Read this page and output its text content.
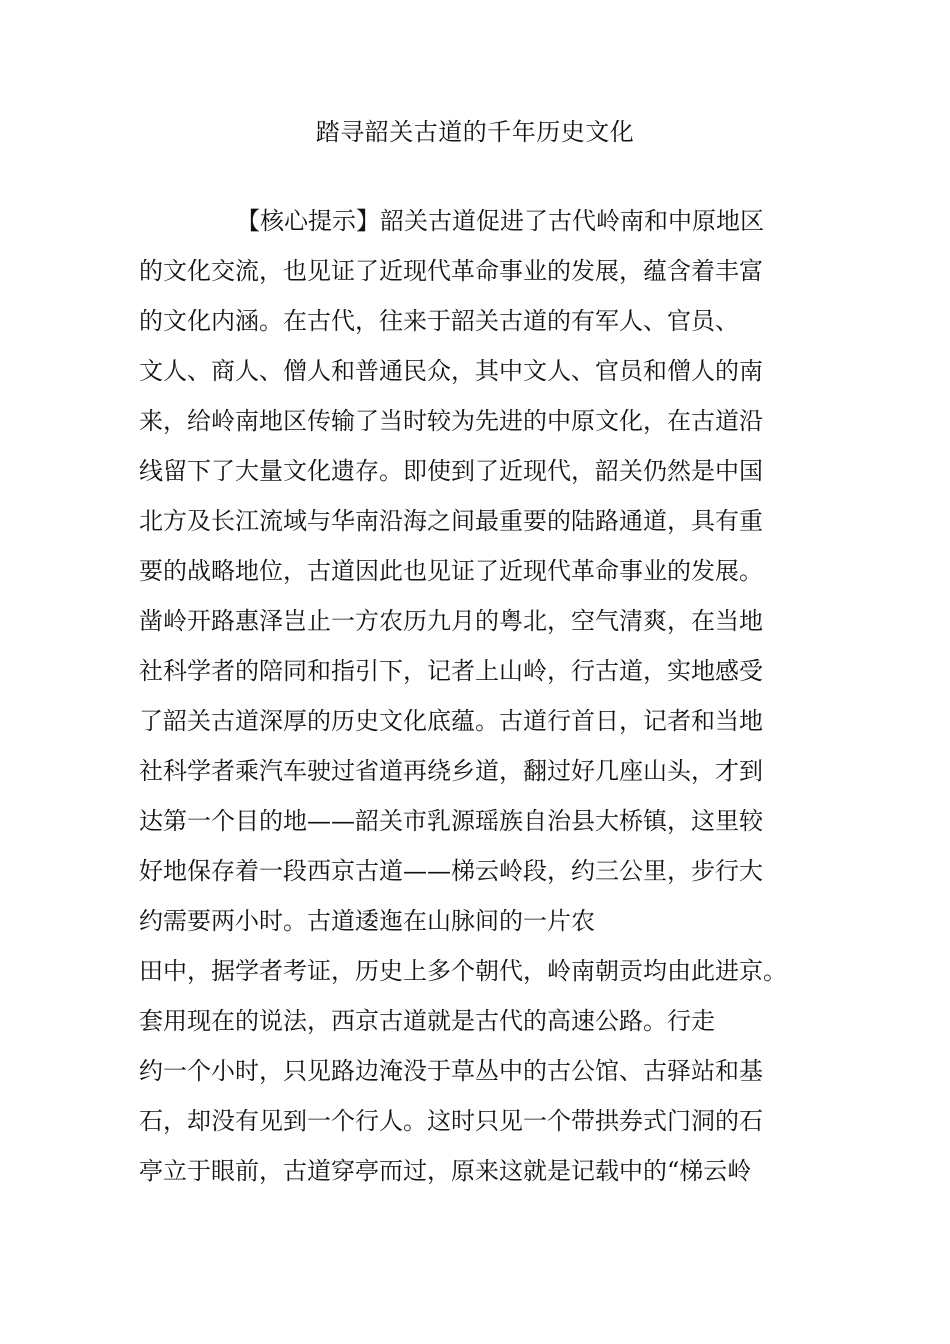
踏寻韶关古道的千年历史文化
【核心提示】韶关古道促进了古代岭南和中原地区
的文化交流，也见证了近现代革命事业的发展，蕴含着丰富
的文化内涵。在古代，往来于韶关古道的有军人、官员、
文人、商人、僧人和普通民众，其中文人、官员和僧人的南
来，给岭南地区传输了当时较为先进的中原文化，在古道沿
线留下了大量文化遗存。即使到了近现代，韶关仍然是中国
北方及长江流域与华南沿海之间最重要的陆路通道，具有重
要的战略地位，古道因此也见证了近现代革命事业的发展。
凿岭开路惠泽岂止一方农历九月的粤北，空气清爽，在当地
社科学者的陪同和指引下，记者上山岭，行古道，实地感受
了韶关古道深厚的历史文化底蕴。古道行首日，记者和当地
社科学者乘汽车驶过省道再绕乡道，翻过好几座山头，才到
达第一个目的地——韶关市乳源瑶族自治县大桥镇，这里较
好地保存着一段西京古道——梯云岭段，约三公里，步行大
约需要两小时。古道逶迤在山脉间的一片农
田中，据学者考证，历史上多个朝代，岭南朝贡均由此进京。
套用现在的说法，西京古道就是古代的高速公路。行走
约一个小时，只见路边淹没于草丛中的古公馆、古驿站和基
石，却没有见到一个行人。这时只见一个带拱券式门洞的石
亭立于眼前，古道穿亭而过，原来这就是记载中的“梯云岭
